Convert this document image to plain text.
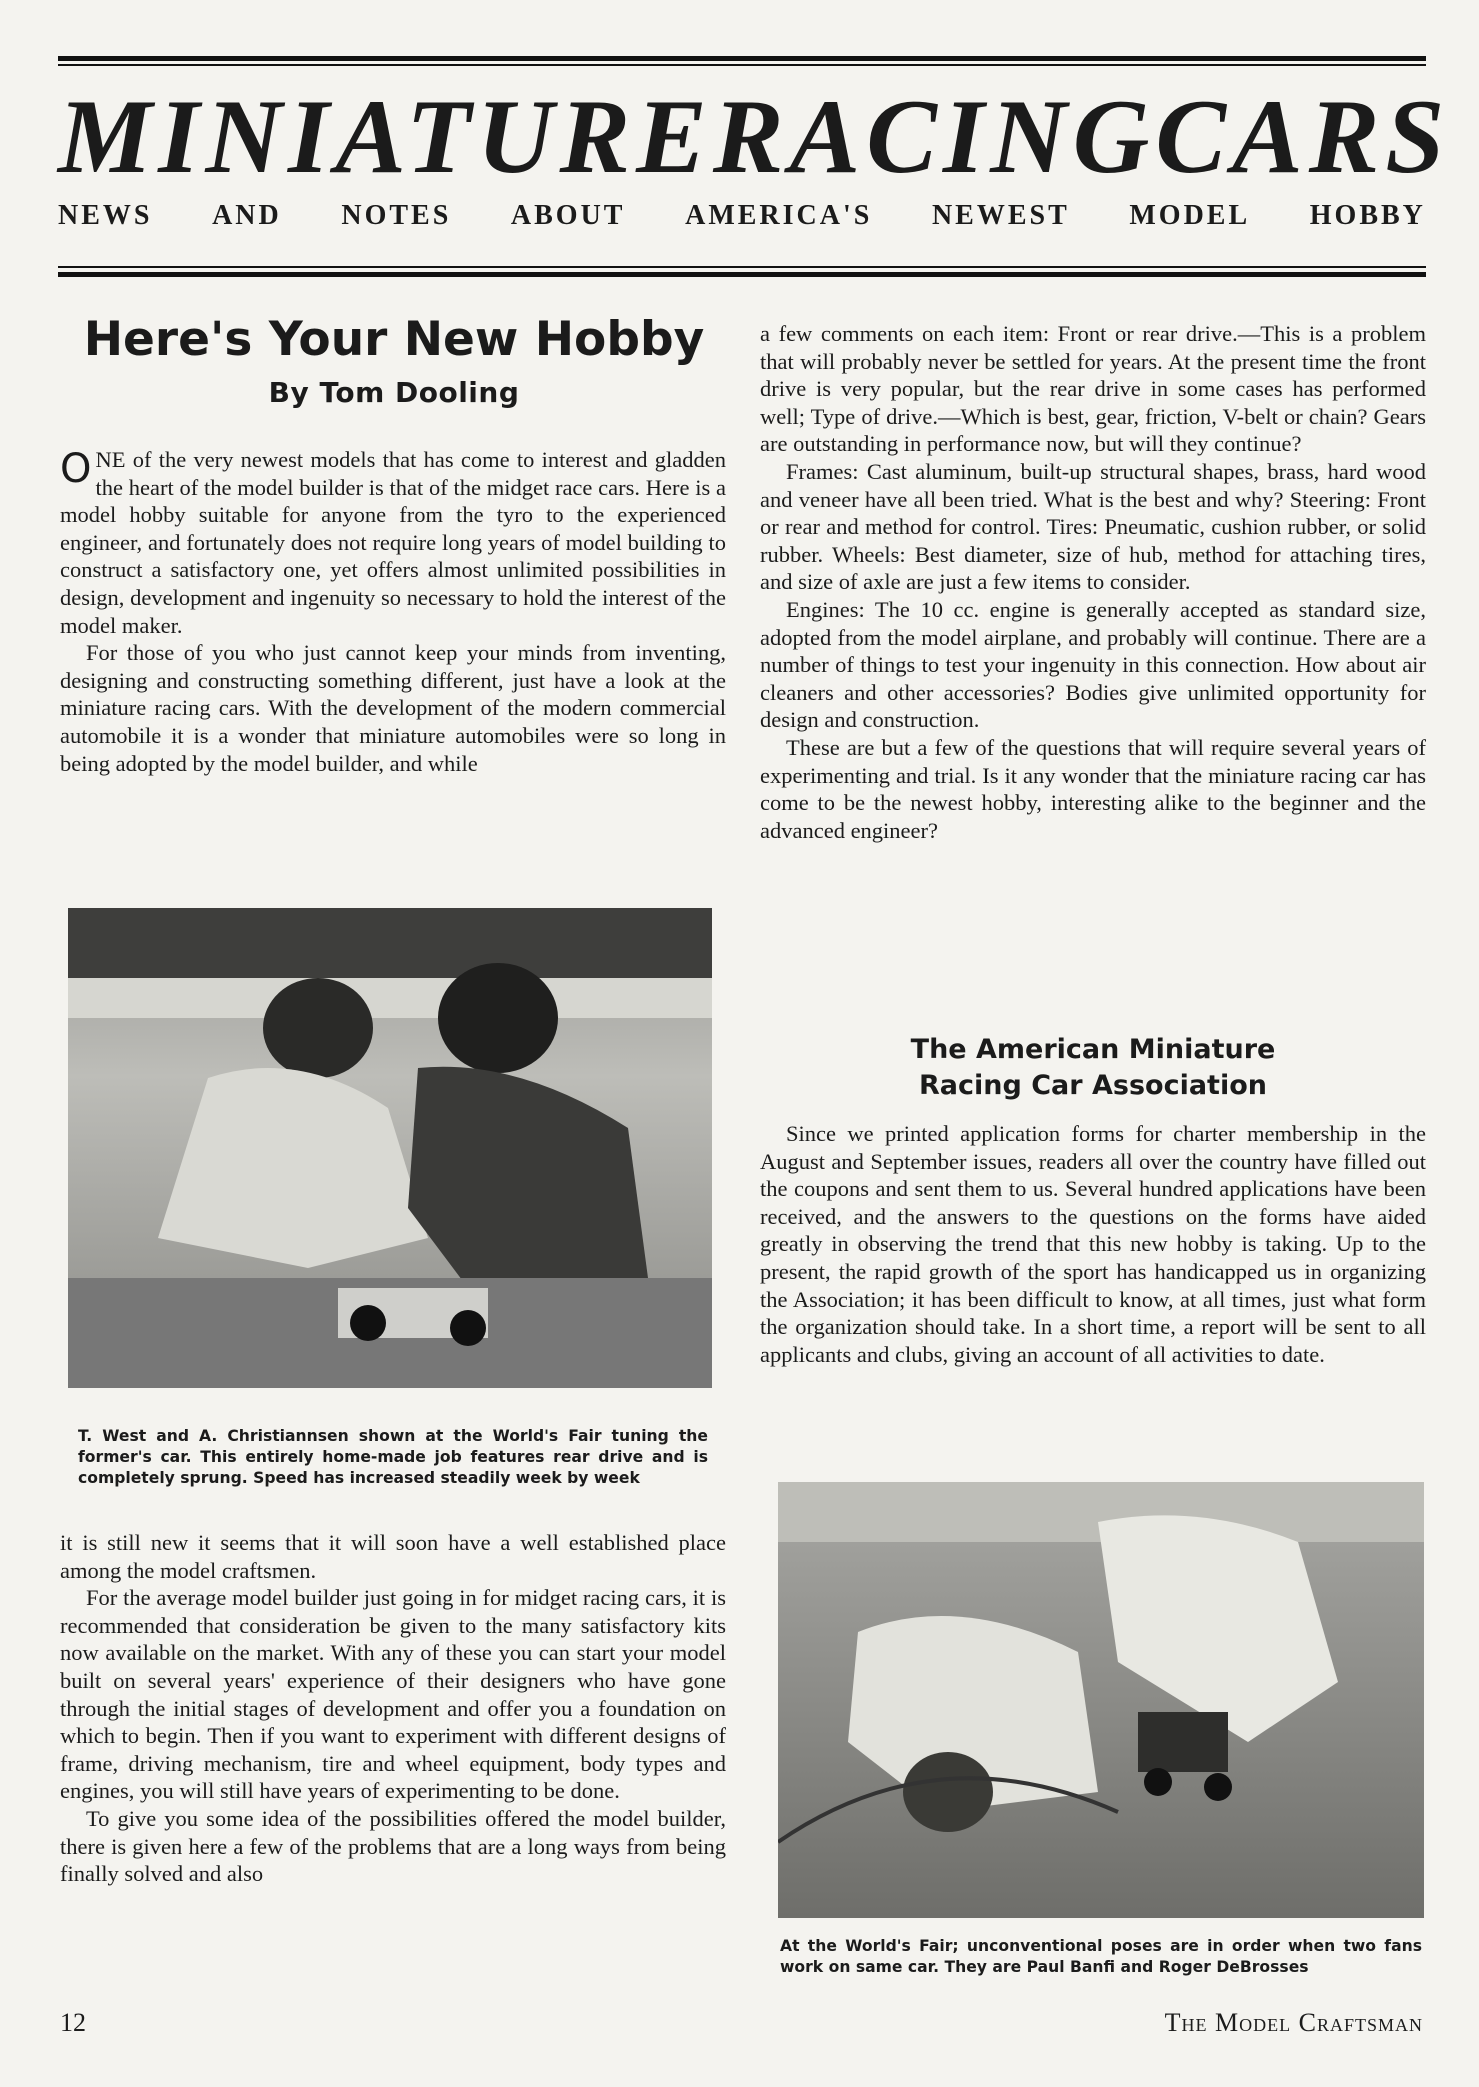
MINIATURE RACING CARS
NEWS AND NOTES ABOUT AMERICA'S NEWEST MODEL HOBBY
Here's Your New Hobby
By Tom Dooling

ONE of the very newest models that has come to interest and gladden the heart of the model builder is that of the midget race cars. Here is a model hobby suitable for anyone from the tyro to the experienced engineer, and fortunately does not require long years of model building to construct a satisfactory one, yet offers almost unlimited possibilities in design, development and ingenuity so necessary to hold the interest of the model maker.

For those of you who just cannot keep your minds from inventing, designing and constructing something different, just have a look at the miniature racing cars. With the development of the modern commercial automobile it is a wonder that miniature automobiles were so long in being adopted by the model builder, and while

T. West and A. Christiannsen shown at the World's Fair tuning the former's car. This entirely home-made job features rear drive and is completely sprung. Speed has increased steadily week by week

it is still new it seems that it will soon have a well established place among the model craftsmen.

For the average model builder just going in for midget racing cars, it is recommended that consideration be given to the many satisfactory kits now available on the market. With any of these you can start your model built on several years' experience of their designers who have gone through the initial stages of development and offer you a foundation on which to begin. Then if you want to experiment with different designs of frame, driving mechanism, tire and wheel equipment, body types and engines, you will still have years of experimenting to be done.

To give you some idea of the possibilities offered the model builder, there is given here a few of the problems that are a long ways from being finally solved and also

a few comments on each item: Front or rear drive.—This is a problem that will probably never be settled for years. At the present time the front drive is very popular, but the rear drive in some cases has performed well; Type of drive.—Which is best, gear, friction, V-belt or chain? Gears are outstanding in performance now, but will they continue?

Frames: Cast aluminum, built-up structural shapes, brass, hard wood and veneer have all been tried. What is the best and why? Steering: Front or rear and method for control. Tires: Pneumatic, cushion rubber, or solid rubber. Wheels: Best diameter, size of hub, method for attaching tires, and size of axle are just a few items to consider.

Engines: The 10 cc. engine is generally accepted as standard size, adopted from the model airplane, and probably will continue. There are a number of things to test your ingenuity in this connection. How about air cleaners and other accessories? Bodies give unlimited opportunity for design and construction.

These are but a few of the questions that will require several years of experimenting and trial. Is it any wonder that the miniature racing car has come to be the newest hobby, interesting alike to the beginner and the advanced engineer?

The American Miniature
Racing Car Association

Since we printed application forms for charter membership in the August and September issues, readers all over the country have filled out the coupons and sent them to us. Several hundred applications have been received, and the answers to the questions on the forms have aided greatly in observing the trend that this new hobby is taking. Up to the present, the rapid growth of the sport has handicapped us in organizing the Association; it has been difficult to know, at all times, just what form the organization should take. In a short time, a report will be sent to all applicants and clubs, giving an account of all activities to date.

At the World's Fair; unconventional poses are in order when two fans work on same car. They are Paul Banfi and Roger DeBrosses
12	The Model Craftsman
